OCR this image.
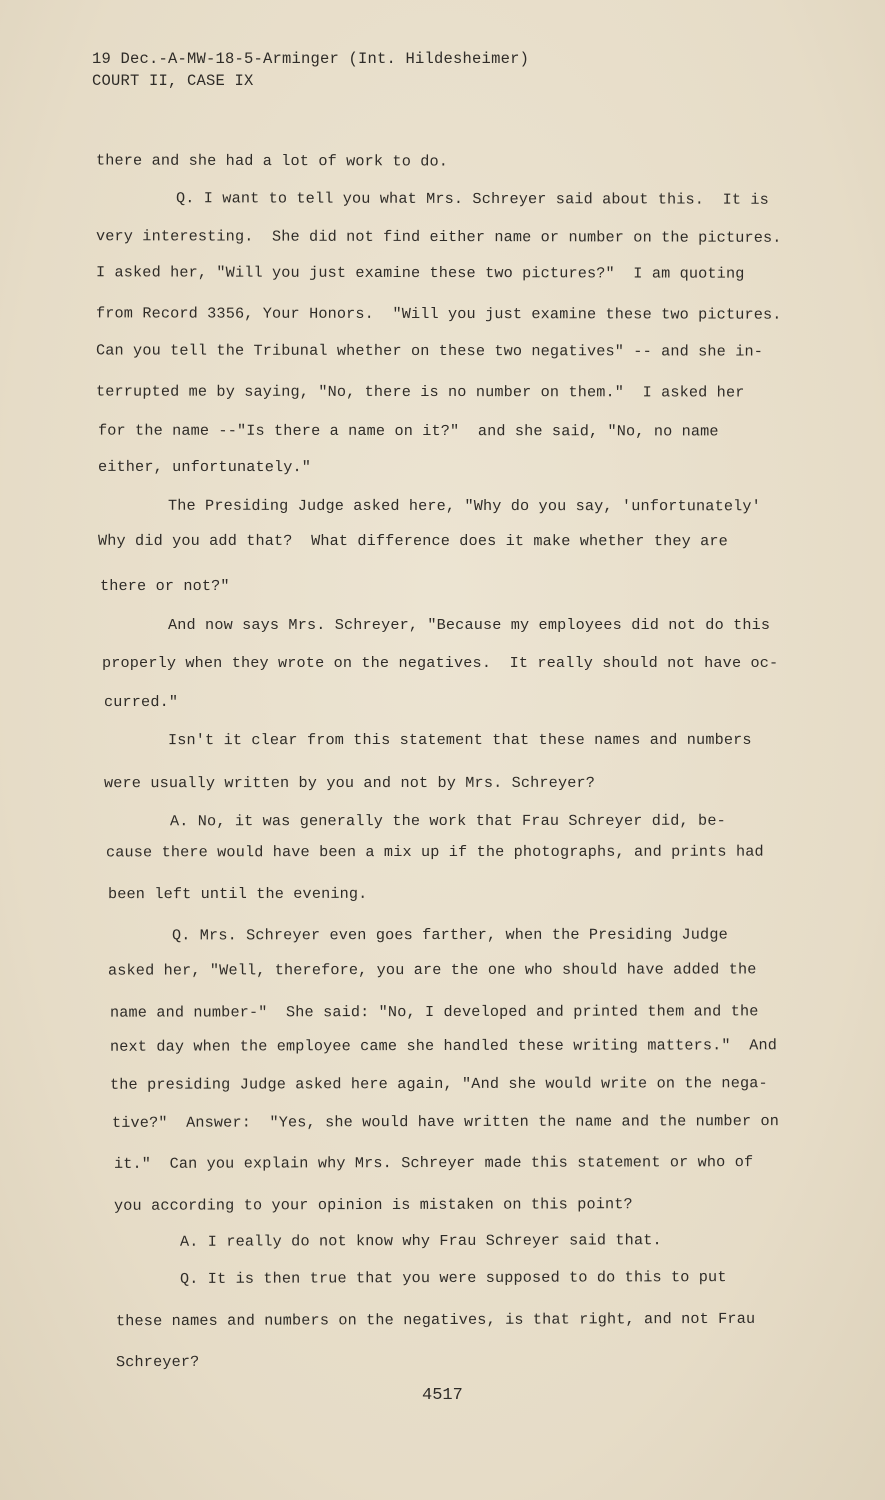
19 Dec.-A-MW-18-5-Arminger (Int. Hildesheimer)
COURT II, CASE IX
there and she had a lot of work to do.
Q. I want to tell you what Mrs. Schreyer said about this.  It is
very interesting.  She did not find either name or number on the pictures.
I asked her, "Will you just examine these two pictures?"  I am quoting
from Record 3356, Your Honors.  "Will you just examine these two pictures.
Can you tell the Tribunal whether on these two negatives" -- and she in-
terrupted me by saying, "No, there is no number on them."  I asked her
for the name --"Is there a name on it?"  and she said, "No, no name
either, unfortunately."
The Presiding Judge asked here, "Why do you say, 'unfortunately'
Why did you add that?  What difference does it make whether they are
there or not?"
And now says Mrs. Schreyer, "Because my employees did not do this
properly when they wrote on the negatives.  It really should not have oc-
curred."
Isn't it clear from this statement that these names and numbers
were usually written by you and not by Mrs. Schreyer?
A. No, it was generally the work that Frau Schreyer did, be-
cause there would have been a mix up if the photographs, and prints had
been left until the evening.
Q. Mrs. Schreyer even goes farther, when the Presiding Judge
asked her, "Well, therefore, you are the one who should have added the
name and number-"  She said: "No, I developed and printed them and the
next day when the employee came she handled these writing matters."  And
the presiding Judge asked here again, "And she would write on the nega-
tive?"  Answer:  "Yes, she would have written the name and the number on
it."  Can you explain why Mrs. Schreyer made this statement or who of
you according to your opinion is mistaken on this point?
A. I really do not know why Frau Schreyer said that.
Q. It is then true that you were supposed to do this to put
these names and numbers on the negatives, is that right, and not Frau
Schreyer?
4517
